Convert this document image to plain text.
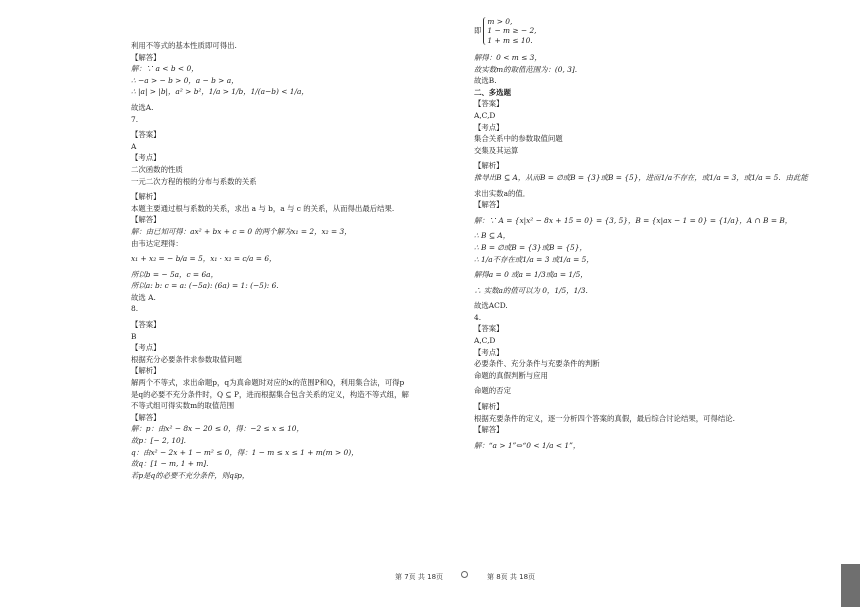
利用不等式的基本性质即可得出.
【解答】
解：∵ a < b < 0，
∴ −a > − b > 0，a − b > a，
∴ |a| > |b|，a² > b²，1/a > 1/b，1/(a−b) < 1/a，
故选A.
7.
【答案】
A
【考点】
二次函数的性质
一元二次方程的根的分布与系数的关系
【解析】
本题主要通过根与系数的关系，求出 a 与 b，a 与 c 的关系，从而得出最后结果.
【解答】
解：由已知可得：ax² + bx + c = 0 的两个解为x₁ = 2，x₂ = 3，
由韦达定理得：
x₁ + x₂ = − b/a = 5，x₁ · x₂ = c/a = 6，
所以b = − 5a，c = 6a，
所以a: b: c = a: (−5a): (6a) = 1: (−5): 6.
故选 A.
8.
【答案】
B
【考点】
根据充分必要条件求参数取值问题
【解析】
解两个不等式，求出命题p，q为真命题时对应的x的范围P和Q，利用集合法，可得p
是q的必要不充分条件时，Q ⊆ P，进而根据集合包含关系的定义，构造不等式组，解
不等式组可得实数m的取值范围
【解答】
解：p：由x² − 8x − 20 ≤ 0，得：−2 ≤ x ≤ 10，
故p：[− 2, 10].
q：由x² − 2x + 1 − m² ≤ 0，得：1 − m ≤ x ≤ 1 + m(m > 0)，
故q：[1 − m, 1 + m].
若p是q的必要不充分条件，则q⫋p，
即
m > 0,
1 − m ≥ − 2,
1 + m ≤ 10.
解得：0 < m ≤ 3，
故实数m的取值范围为：(0, 3].
故选B.
二、多选题
【答案】
A,C,D
【考点】
集合关系中的参数取值问题
交集及其运算
【解析】
推导出B ⊆ A，从而B = ∅或B = {3}或B = {5}，进而1/a不存在，或1/a = 3，或1/a = 5．由此能
求出实数a的值．
【解答】
解：∵ A = {x|x² − 8x + 15 = 0} = {3, 5}，B = {x|ax − 1 = 0} = {1/a}，A ∩ B = B，
∴ B ⊆ A，
∴ B = ∅或B = {3}或B = {5}，
∴ 1/a不存在或1/a = 3 或1/a = 5，
解得a = 0 或a = 1/3或a = 1/5，
∴ 实数a的值可以为 0，1/5，1/3.
故选ACD.
4.
【答案】
A,C,D
【考点】
必要条件、充分条件与充要条件的判断
命题的真假判断与应用
命题的否定
【解析】
根据充要条件的定义，逐一分析四个答案的真假，最后综合讨论结果，可得结论.
【解答】
解：“a > 1”⇔“0 < 1/a < 1”，
第 7页 共 18页	第 8页 共 18页
